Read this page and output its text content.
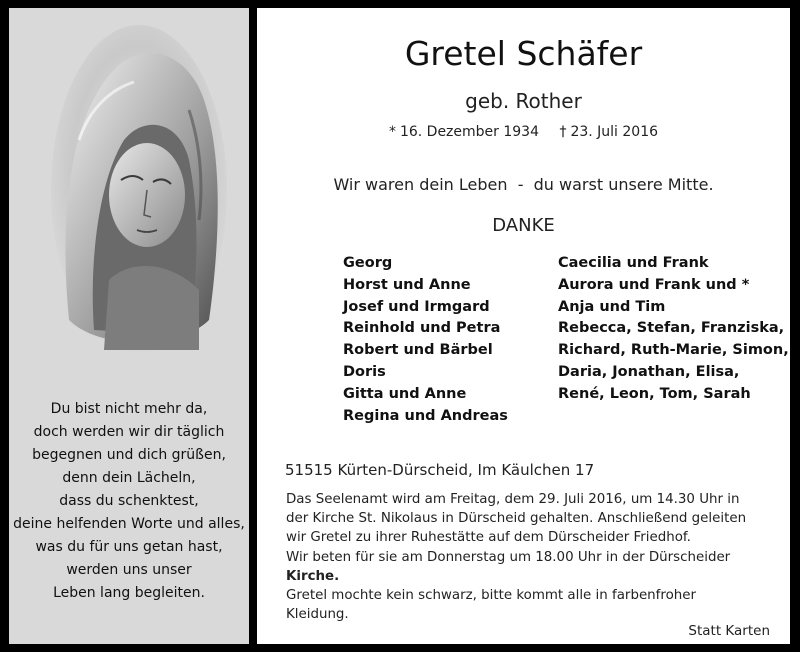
Du bist nicht mehr da,
doch werden wir dir täglich
begegnen und dich grüßen,
denn dein Lächeln,
dass du schenktest,
deine helfenden Worte und alles,
was du für uns getan hast,
werden uns unser
Leben lang begleiten.
Gretel Schäfer
geb. Rother
* 16. Dezember 1934 † 23. Juli 2016
Wir waren dein Leben - du warst unsere Mitte.
DANKE
Georg
Horst und Anne
Josef und Irmgard
Reinhold und Petra
Robert und Bärbel
Doris
Gitta und Anne
Regina und Andreas
Caecilia und Frank
Aurora und Frank und *
Anja und Tim
Rebecca, Stefan, Franziska,
Richard, Ruth-Marie, Simon,
Daria, Jonathan, Elisa,
René, Leon, Tom, Sarah
51515 Kürten-Dürscheid, Im Käulchen 17

Das Seelenamt wird am Freitag, dem 29. Juli 2016, um 14.30 Uhr in

der Kirche St. Nikolaus in Dürscheid gehalten. Anschließend geleiten

wir Gretel zu ihrer Ruhestätte auf dem Dürscheider Friedhof.

Wir beten für sie am Donnerstag um 18.00 Uhr in der Dürscheider

Kirche.

Gretel mochte kein schwarz, bitte kommt alle in farbenfroher

Kleidung.

Statt Karten
